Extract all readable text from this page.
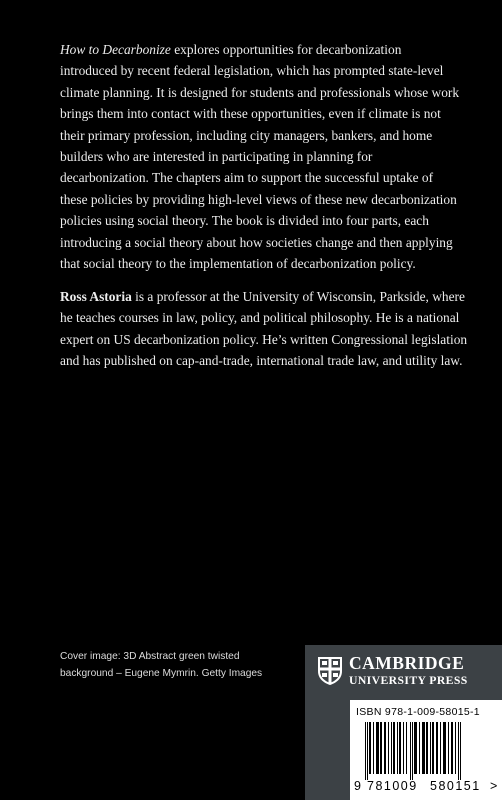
How to Decarbonize explores opportunities for decarbonization introduced by recent federal legislation, which has prompted state-level climate planning. It is designed for students and professionals whose work brings them into contact with these opportunities, even if climate is not their primary profession, including city managers, bankers, and home builders who are interested in participating in planning for decarbonization. The chapters aim to support the successful uptake of these policies by providing high-level views of these new decarbonization policies using social theory. The book is divided into four parts, each introducing a social theory about how societies change and then applying that social theory to the implementation of decarbonization policy.

Ross Astoria is a professor at the University of Wisconsin, Parkside, where he teaches courses in law, policy, and political philosophy. He is a national expert on US decarbonization policy. He’s written Congressional legislation and has published on cap-and-trade, international trade law, and utility law.

Cover image: 3D Abstract green twisted background – Eugene Mymrin. Getty Images
CAMBRIDGE
UNIVERSITY PRESS
ISBN 978-1-009-58015-1
9 781009 580151 >
